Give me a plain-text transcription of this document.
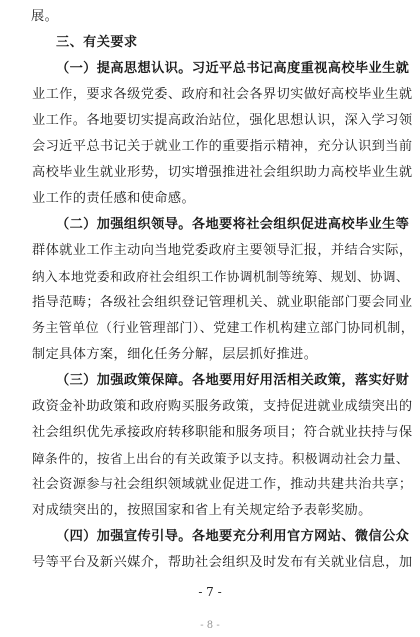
展。
三、有关要求
（一）提高思想认识。习近平总书记高度重视高校毕业生就
业工作，要求各级党委、政府和社会各界切实做好高校毕业生就
业工作。各地要切实提高政治站位，强化思想认识，深入学习领
会习近平总书记关于就业工作的重要指示精神，充分认识到当前
高校毕业生就业形势，切实增强推进社会组织助力高校毕业生就
业工作的责任感和使命感。
（二）加强组织领导。各地要将社会组织促进高校毕业生等
群体就业工作主动向当地党委政府主要领导汇报，并结合实际，
纳入本地党委和政府社会组织工作协调机制等统筹、规划、协调、
指导范畴；各级社会组织登记管理机关、就业职能部门要会同业
务主管单位（行业管理部门）、党建工作机构建立部门协同机制，
制定具体方案，细化任务分解，层层抓好推进。
（三）加强政策保障。各地要用好用活相关政策，落实好财
政资金补助政策和政府购买服务政策，支持促进就业成绩突出的
社会组织优先承接政府转移职能和服务项目；符合就业扶持与保
障条件的，按省上出台的有关政策予以支持。积极调动社会力量、
社会资源参与社会组织领域就业促进工作，推动共建共治共享；
对成绩突出的，按照国家和省上有关规定给予表彰奖励。
（四）加强宣传引导。各地要充分利用官方网站、微信公众
号等平台及新兴媒介，帮助社会组织及时发布有关就业信息，加
- 7 -
- 8 -
